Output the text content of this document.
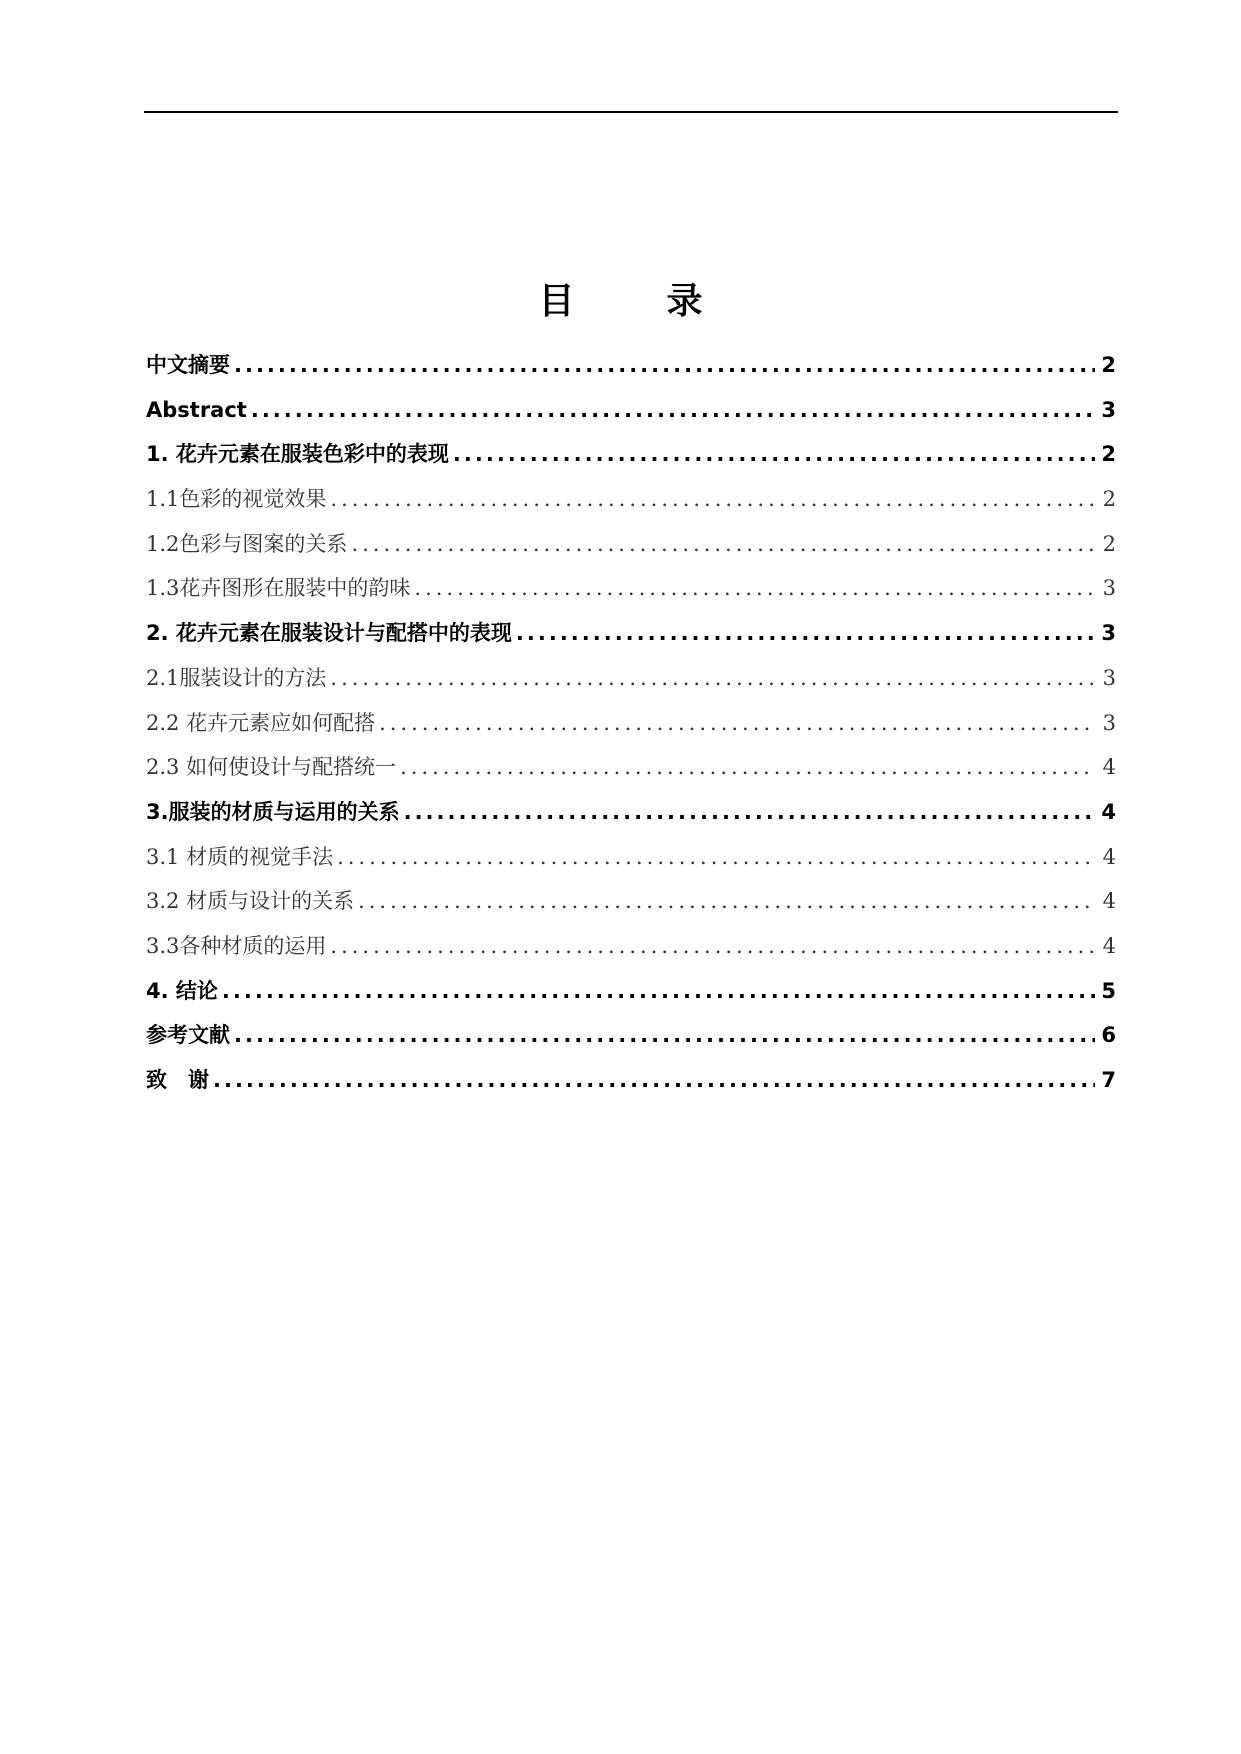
目　录
中文摘要 .....	2
Abstract .....	3
1. 花卉元素在服装色彩中的表现 .....	2
1.1色彩的视觉效果 .....	2
1.2色彩与图案的关系 .....	2
1.3花卉图形在服装中的韵味 .....	3
2. 花卉元素在服装设计与配搭中的表现 .....	3
2.1服装设计的方法 .....	3
2.2 花卉元素应如何配搭 .....	3
2.3 如何使设计与配搭统一 .....	4
3.服装的材质与运用的关系 .....	4
3.1 材质的视觉手法 .....	4
3.2 材质与设计的关系 .....	4
3.3各种材质的运用 .....	4
4. 结论 .....	5
参考文献 .....	6
致　谢 .....	7
